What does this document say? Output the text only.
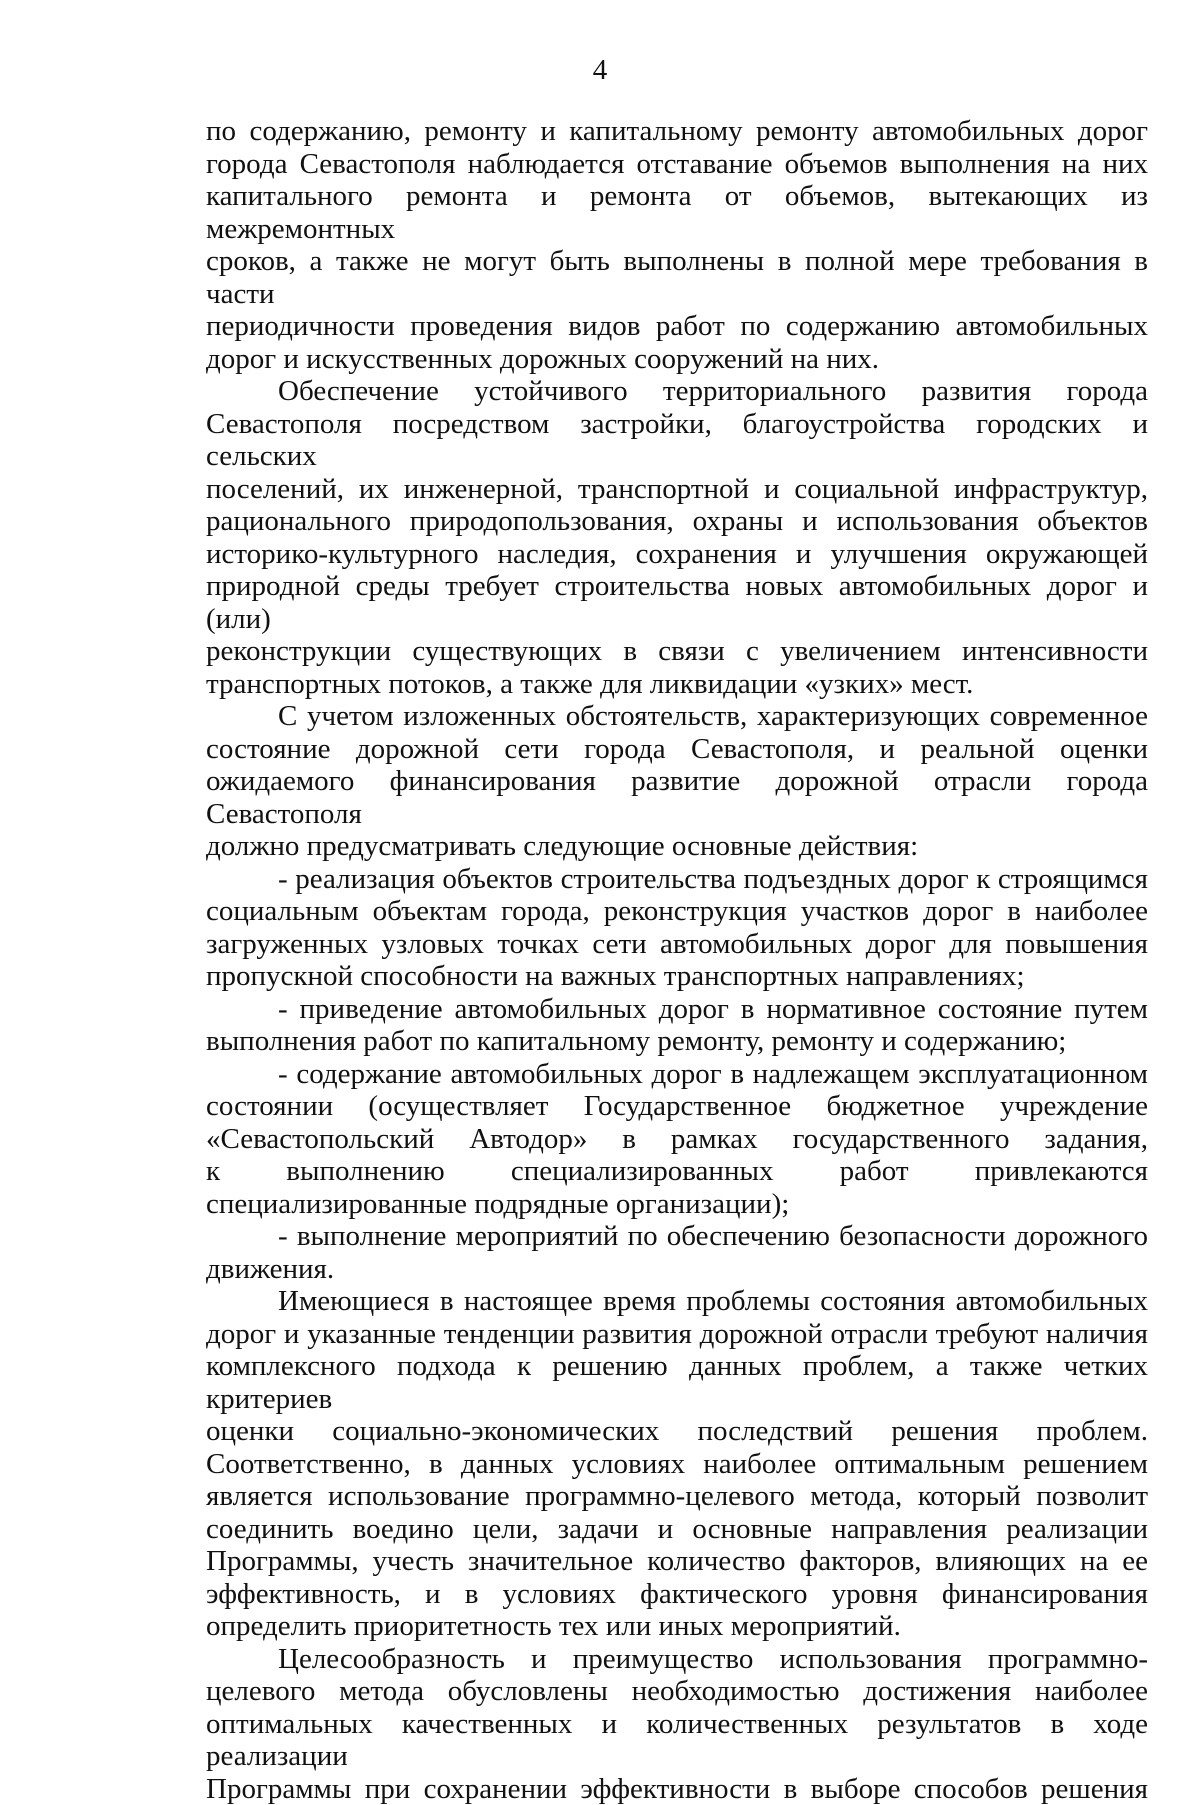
4
по содержанию, ремонту и капитальному ремонту автомобильных дорог
города Севастополя наблюдается отставание объемов выполнения на них
капитального ремонта и ремонта от объемов, вытекающих из межремонтных
сроков, а также не могут быть выполнены в полной мере требования в части
периодичности проведения видов работ по содержанию автомобильных
дорог и искусственных дорожных сооружений на них.
Обеспечение устойчивого территориального развития города
Севастополя посредством застройки, благоустройства городских и сельских
поселений, их инженерной, транспортной и социальной инфраструктур,
рационального природопользования, охраны и использования объектов
историко-культурного наследия, сохранения и улучшения окружающей
природной среды требует строительства новых автомобильных дорог и (или)
реконструкции существующих в связи с увеличением интенсивности
транспортных потоков, а также для ликвидации «узких» мест.
С учетом изложенных обстоятельств, характеризующих современное
состояние дорожной сети города Севастополя, и реальной оценки
ожидаемого финансирования развитие дорожной отрасли города Севастополя
должно предусматривать следующие основные действия:
- реализация объектов строительства подъездных дорог к строящимся
социальным объектам города, реконструкция участков дорог в наиболее
загруженных узловых точках сети автомобильных дорог для повышения
пропускной способности на важных транспортных направлениях;
- приведение автомобильных дорог в нормативное состояние путем
выполнения работ по капитальному ремонту, ремонту и содержанию;
- содержание автомобильных дорог в надлежащем эксплуатационном
состоянии (осуществляет Государственное бюджетное учреждение
«Севастопольский Автодор» в рамках государственного задания,
к выполнению специализированных работ привлекаются
специализированные подрядные организации);
- выполнение мероприятий по обеспечению безопасности дорожного
движения.
Имеющиеся в настоящее время проблемы состояния автомобильных
дорог и указанные тенденции развития дорожной отрасли требуют наличия
комплексного подхода к решению данных проблем, а также четких критериев
оценки социально-экономических последствий решения проблем.
Соответственно, в данных условиях наиболее оптимальным решением
является использование программно-целевого метода, который позволит
соединить воедино цели, задачи и основные направления реализации
Программы, учесть значительное количество факторов, влияющих на ее
эффективность, и в условиях фактического уровня финансирования
определить приоритетность тех или иных мероприятий.
Целесообразность и преимущество использования программно-
целевого метода обусловлены необходимостью достижения наиболее
оптимальных качественных и количественных результатов в ходе реализации
Программы при сохранении эффективности в выборе способов решения
